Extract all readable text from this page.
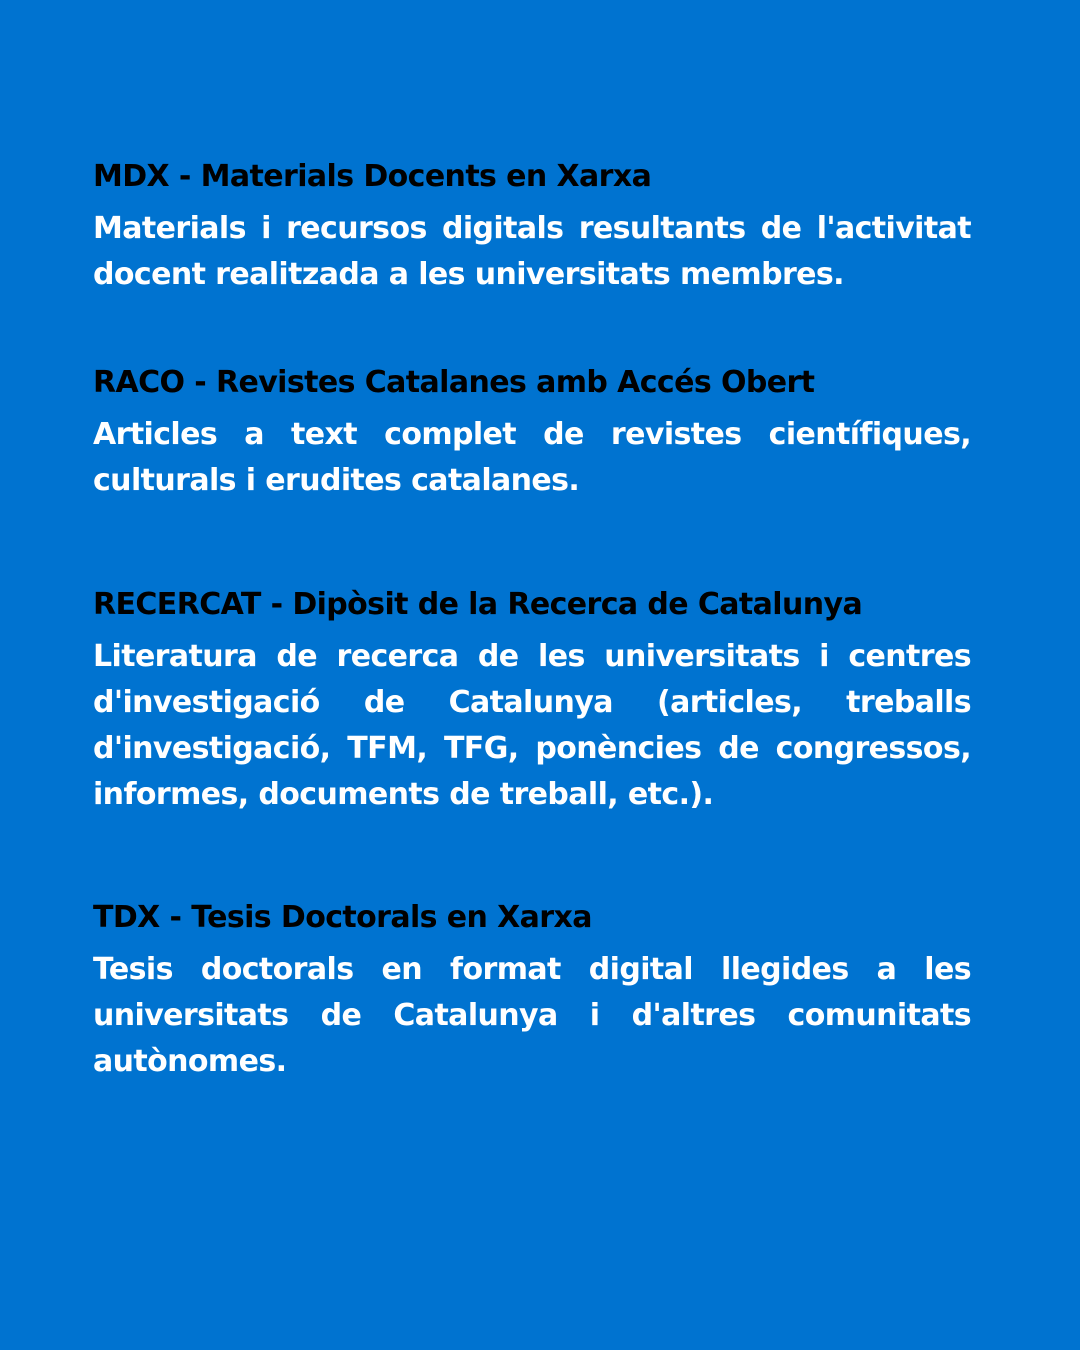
MDX - Materials Docents en Xarxa

Materials i recursos digitals resultants de l'activitat docent realitzada a les universitats membres.

RACO - Revistes Catalanes amb Accés Obert

Articles a text complet de revistes científiques, culturals i erudites catalanes.

RECERCAT - Dipòsit de la Recerca de Catalunya

Literatura de recerca de les universitats i centres d'investigació de Catalunya (articles, treballs d'investigació, TFM, TFG, ponències de congressos, informes, documents de treball, etc.).

TDX - Tesis Doctorals en Xarxa

Tesis doctorals en format digital llegides a les universitats de Catalunya i d'altres comunitats autònomes.
